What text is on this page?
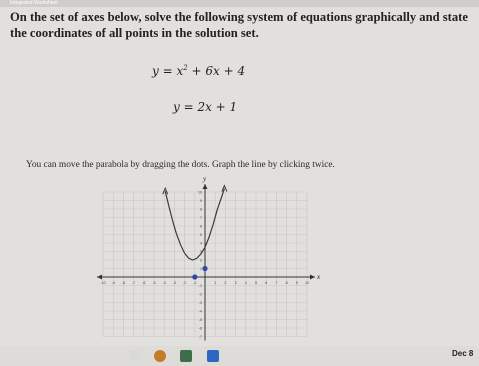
Integrated Worksheet
On the set of axes below, solve the following system of equations graphically and state the coordinates of all points in the solution set.
$y = x^2 + 6x + 4$
y = 2x + 1
You can move the parabola by dragging the dots. Graph the line by clicking twice.
x
y
-10 -9 -8 -7 -6 -5 -4 -3 -2 -1	1 2 3 4 5 6 7 8 9 10
10
9
8
7
6
5
4
3
2
1
-1
-2
-3
-4
-5
-6
-7
Dec 8
